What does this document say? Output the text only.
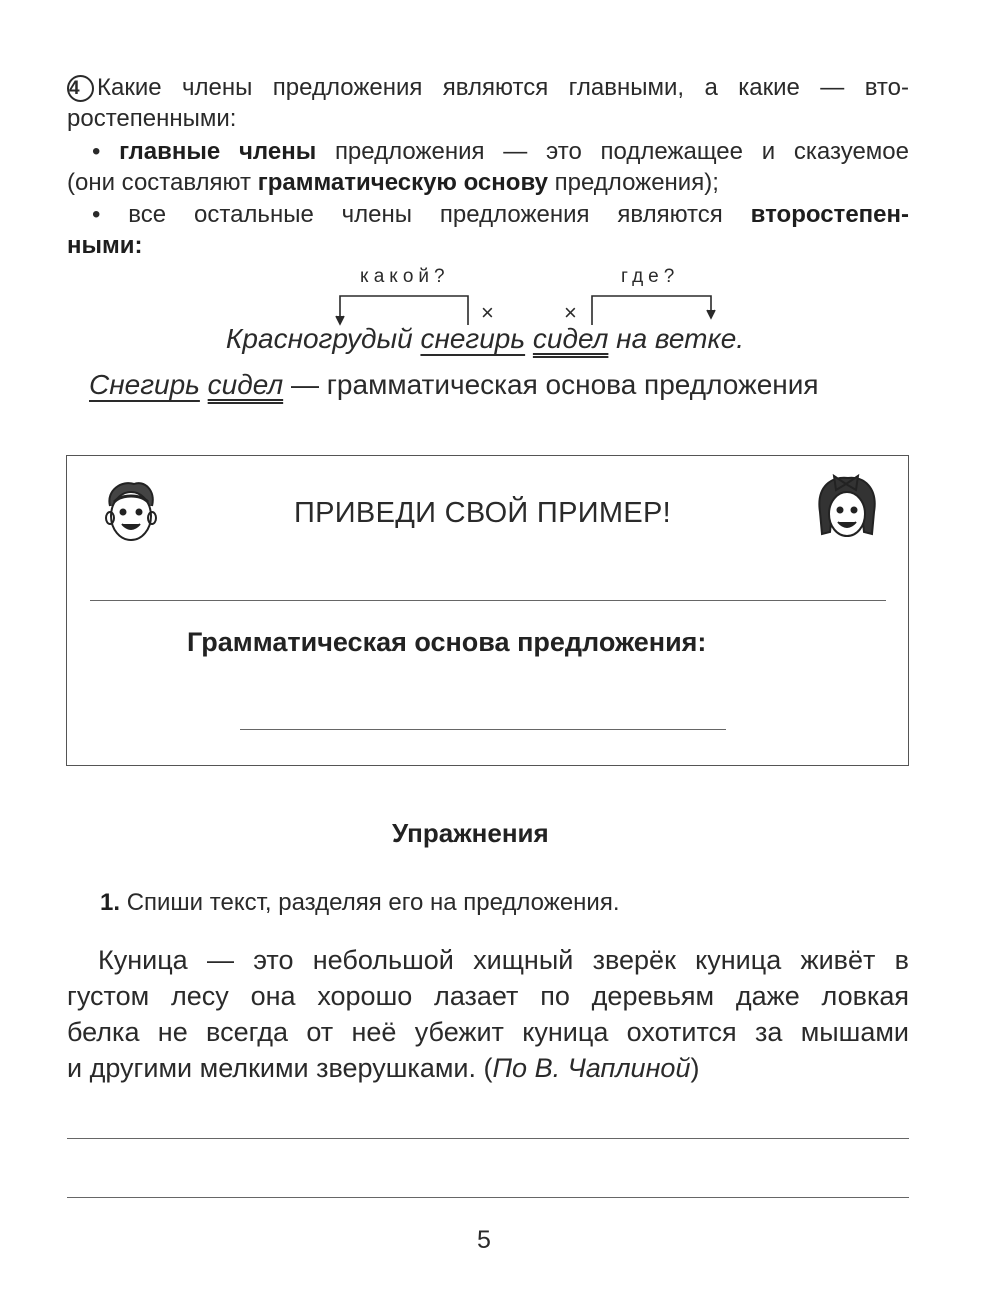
4 Какие члены предложения являются главными, а какие — вто-
ростепенными:
• главные члены предложения — это подлежащее и сказуемое
(они составляют грамматическую основу предложения);
• все остальные члены предложения являются второстепен-
ными:
какой?	где?
×	×
Красногрудый снегирь сидел на ветке.
Снегирь сидел — грамматическая основа предложения
ПРИВЕДИ СВОЙ ПРИМЕР!
Грамматическая основа предложения:
Упражнения
1. Спиши текст, разделяя его на предложения.
Куница — это небольшой хищный зверёк куница живёт в
густом лесу она хорошо лазает по деревьям даже ловкая
белка не всегда от неё убежит куница охотится за мышами
и другими мелкими зверушками. (По В. Чаплиной)
5
